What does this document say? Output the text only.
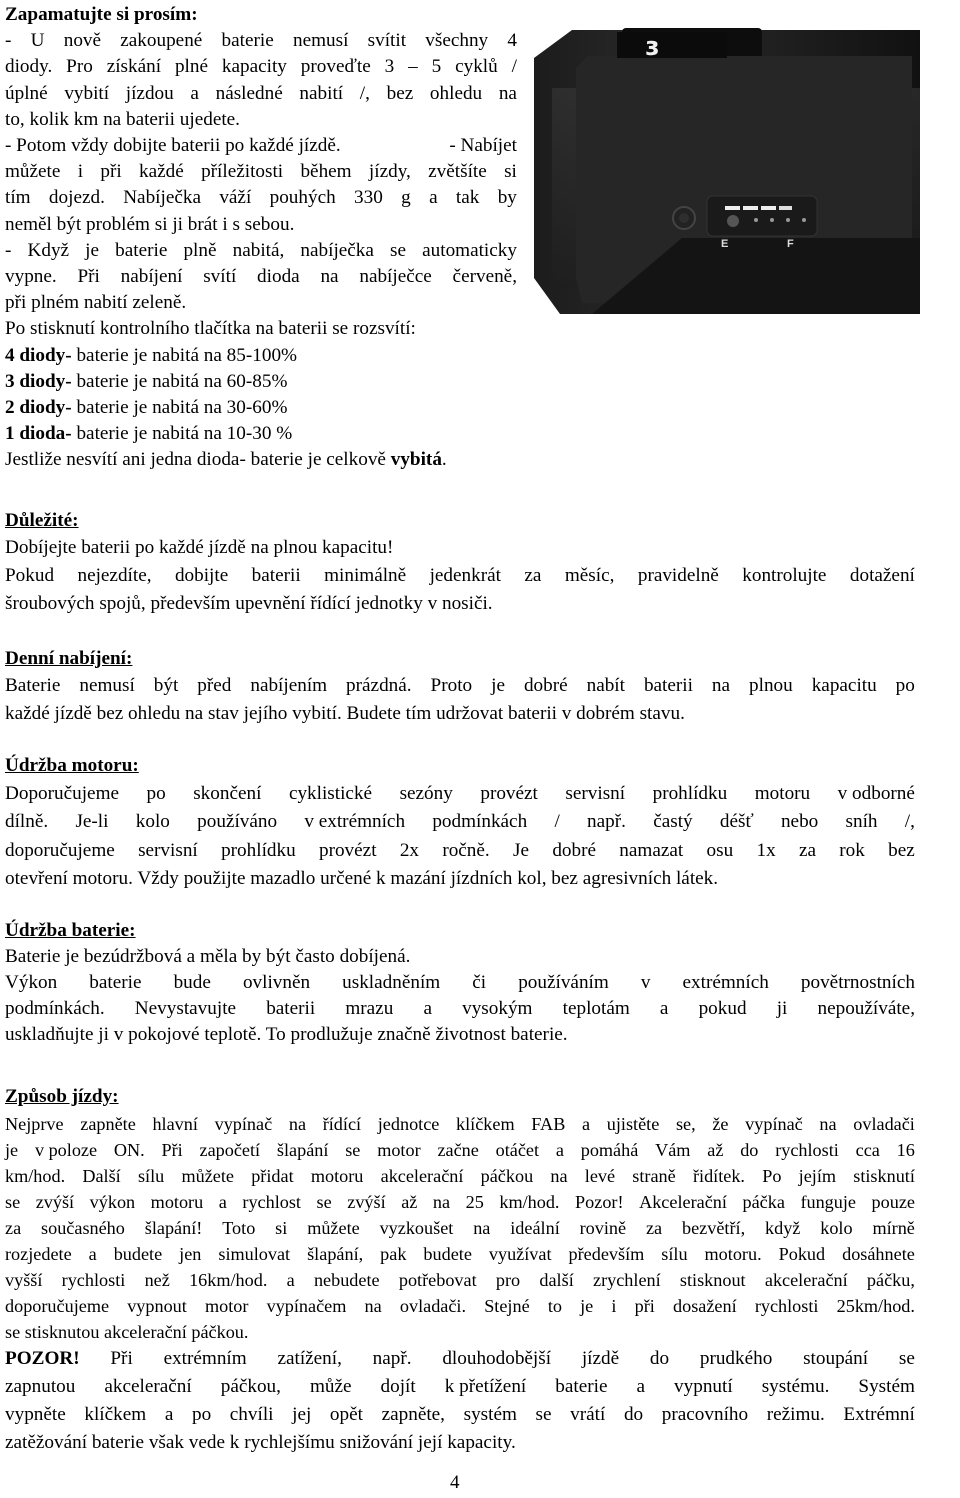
Zapamatujte si prosím:
- U nově zakoupené baterie nemusí svítit všechny 4
diody. Pro získání plné kapacity proveďte 3 – 5 cyklů /
úplné vybití jízdou a následné nabití /, bez ohledu na
to, kolik km na baterii ujedete.
- Potom vždy dobijte baterii po každé jízdě.	- Nabíjet
můžete i při každé příležitosti během jízdy, zvětšíte si
tím dojezd. Nabíječka váží pouhých 330 g a tak by
neměl být problém si ji brát i s sebou.
- Když je baterie plně nabitá, nabíječka se automaticky
vypne. Při nabíjení svítí dioda na nabíječce červeně,
při plném nabití zeleně.
Po stisknutí kontrolního tlačítka na baterii se rozsvítí:
4 diody- baterie je nabitá na 85-100%
3 diody- baterie je nabitá na 60-85%
2 diody- baterie je nabitá na 30-60%
1 dioda- baterie je nabitá na 10-30 %
Jestliže nesvítí ani jedna dioda- baterie je celkově vybitá.
E	F
ɜ
Důležité:
Dobíjejte baterii po každé jízdě na plnou kapacitu!
Pokud nejezdíte, dobijte baterii minimálně jedenkrát za měsíc, pravidelně kontrolujte dotažení
šroubových spojů, především upevnění řídící jednotky v nosiči.
Denní nabíjení:
Baterie nemusí být před nabíjením prázdná. Proto je dobré nabít baterii na plnou kapacitu po
každé jízdě bez ohledu na stav jejího vybití. Budete tím udržovat baterii v dobrém stavu.
Údržba motoru:
Doporučujeme po skončení cyklistické sezóny provézt servisní prohlídku motoru v odborné
dílně. Je-li kolo používáno v extrémních podmínkách / např. častý déšť nebo sníh /,
doporučujeme servisní prohlídku provézt 2x ročně. Je dobré namazat osu 1x za rok bez
otevření motoru. Vždy použijte mazadlo určené k mazání jízdních kol, bez agresivních látek.
Údržba baterie:
Baterie je bezúdržbová a měla by být často dobíjená.
Výkon baterie bude ovlivněn uskladněním či používáním v extrémních povětrnostních
podmínkách. Nevystavujte baterii mrazu a vysokým teplotám a pokud ji nepoužíváte,
uskladňujte ji v pokojové teplotě. To prodlužuje značně životnost baterie.
Způsob jízdy:
Nejprve zapněte hlavní vypínač na řídící jednotce klíčkem FAB a ujistěte se, že vypínač na ovladači
je v poloze ON. Při započetí šlapání se motor začne otáčet a pomáhá Vám až do rychlosti cca 16
km/hod. Další sílu můžete přidat motoru akcelerační páčkou na levé straně řidítek. Po jejím stisknutí
se zvýší výkon motoru a rychlost se zvýší až na 25 km/hod. Pozor! Akcelerační páčka funguje pouze
za současného šlapání! Toto si můžete vyzkoušet na ideální rovině za bezvětří, když kolo mírně
rozjedete a budete jen simulovat šlapání, pak budete využívat především sílu motoru. Pokud dosáhnete
vyšší rychlosti než 16km/hod. a nebudete potřebovat pro další zrychlení stisknout akcelerační páčku,
doporučujeme vypnout motor vypínačem na ovladači. Stejné to je i při dosažení rychlosti 25km/hod.
se stisknutou akcelerační páčkou.
POZOR! Při extrémním zatížení, např. dlouhodobější jízdě do prudkého stoupání se
zapnutou akcelerační páčkou, může dojít k přetížení baterie a vypnutí systému. Systém
vypněte klíčkem a po chvíli jej opět zapněte, systém se vrátí do pracovního režimu. Extrémní
zatěžování baterie však vede k rychlejšímu snižování její kapacity.
4
